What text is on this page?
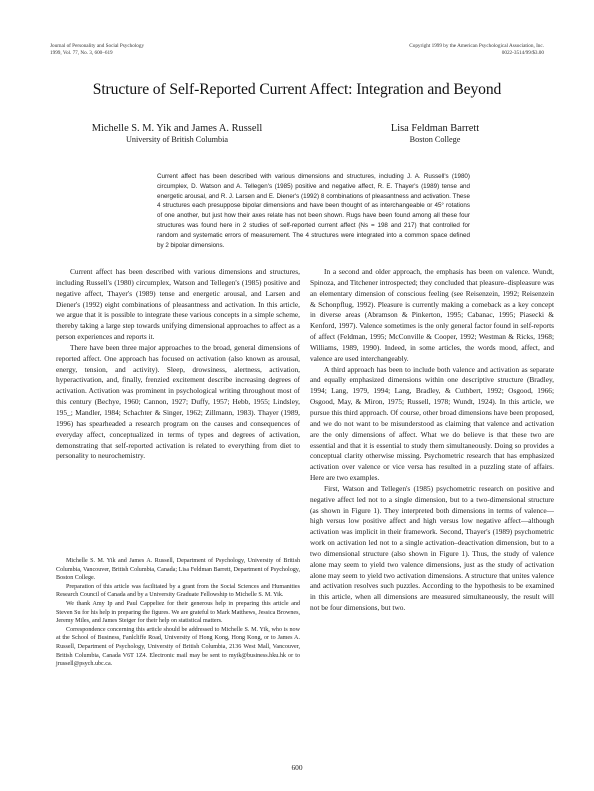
Journal of Personality and Social Psychology
1999, Vol. 77, No. 3, 600–619
Copyright 1999 by the American Psychological Association, Inc.
0022-3514/99/$3.00
Structure of Self-Reported Current Affect: Integration and Beyond
Michelle S. M. Yik and James A. Russell
University of British Columbia
Lisa Feldman Barrett
Boston College
Current affect has been described with various dimensions and structures, including J. A. Russell's (1980) circumplex, D. Watson and A. Tellegen's (1985) positive and negative affect, R. E. Thayer's (1989) tense and energetic arousal, and R. J. Larsen and E. Diener's (1992) 8 combinations of pleasantness and activation. These 4 structures each presuppose bipolar dimensions and have been thought of as interchangeable or 45° rotations of one another, but just how their axes relate has not been shown. Rugs have been found among all these four structures was found here in 2 studies of self-reported current affect (Ns = 198 and 217) that controlled for random and systematic errors of measurement. The 4 structures were integrated into a common space defined by 2 bipolar dimensions.

Current affect has been described with various dimensions and structures, including Russell's (1980) circumplex, Watson and Tellegen's (1985) positive and negative affect, Thayer's (1989) tense and energetic arousal, and Larsen and Diener's (1992) eight combinations of pleasantness and activation. In this article, we argue that it is possible to integrate these various concepts in a simple scheme, thereby taking a large step towards unifying dimensional approaches to affect as a person experiences and reports it.

There have been three major approaches to the broad, general dimensions of reported affect. One approach has focused on activation (also known as arousal, energy, tension, and activity). Sleep, drowsiness, alertness, activation, hyperactivation, and, finally, frenzied excitement describe increasing degrees of activation. Activation was prominent in psychological writing throughout most of this century (Bechye, 1960; Cannon, 1927; Duffy, 1957; Hebb, 1955; Lindsley, 195_; Mandler, 1984; Schachter & Singer, 1962; Zillmann, 1983). Thayer (1989, 1996) has spearheaded a research program on the causes and consequences of everyday affect, conceptualized in terms of types and degrees of activation, demonstrating that self-reported activation is related to everything from diet to personality to neurochemistry.

Michelle S. M. Yik and James A. Russell, Department of Psychology, University of British Columbia, Vancouver, British Columbia, Canada; Lisa Feldman Barrett, Department of Psychology, Boston College.

Preparation of this article was facilitated by a grant from the Social Sciences and Humanities Research Council of Canada and by a University Graduate Fellowship to Michelle S. M. Yik.

We thank Amy Ip and Paul Cappeliez for their generous help in preparing this article and Steven Su for his help in preparing the figures. We are grateful to Mark Matthews, Jessica Brownes, Jeremy Miles, and James Steiger for their help on statistical matters.

Correspondence concerning this article should be addressed to Michelle S. M. Yik, who is now at the School of Business, Fanlcliffe Road, University of Hong Kong, Hong Kong, or to James A. Russell, Department of Psychology, University of British Columbia, 2136 West Mall, Vancouver, British Columbia, Canada V6T 1Z4. Electronic mail may be sent to myik@business.hku.hk or to jrussell@psych.ubc.ca.

In a second and older approach, the emphasis has been on valence. Wundt, Spinoza, and Titchener introspected; they concluded that pleasure–displeasure was an elementary dimension of conscious feeling (see Reisenzein, 1992; Reisenzein & Schonpflug, 1992). Pleasure is currently making a comeback as a key concept in diverse areas (Abramson & Pinkerton, 1995; Cabanac, 1995; Piasecki & Kenford, 1997). Valence sometimes is the only general factor found in self-reports of affect (Feldman, 1995; McConville & Cooper, 1992; Westman & Ricks, 1968; Williams, 1989, 1990). Indeed, in some articles, the words mood, affect, and valence are used interchangeably.

A third approach has been to include both valence and activation as separate and equally emphasized dimensions within one descriptive structure (Bradley, 1994; Lang, 1979, 1994; Lang, Bradley, & Cuthbert, 1992; Osgood, 1966; Osgood, May, & Miron, 1975; Russell, 1978; Wundt, 1924). In this article, we pursue this third approach. Of course, other broad dimensions have been proposed, and we do not want to be misunderstood as claiming that valence and activation are the only dimensions of affect. What we do believe is that these two are essential and that it is essential to study them simultaneously. Doing so provides a conceptual clarity otherwise missing. Psychometric research that has emphasized activation over valence or vice versa has resulted in a puzzling state of affairs. Here are two examples.

First, Watson and Tellegen's (1985) psychometric research on positive and negative affect led not to a single dimension, but to a two-dimensional structure (as shown in Figure 1). They interpreted both dimensions in terms of valence—high versus low positive affect and high versus low negative affect—although activation was implicit in their framework. Second, Thayer's (1989) psychometric work on activation led not to a single activation–deactivation dimension, but to a two dimensional structure (also shown in Figure 1). Thus, the study of valence alone may seem to yield two valence dimensions, just as the study of activation alone may seem to yield two activation dimensions. A structure that unites valence and activation resolves such puzzles. According to the hypothesis to be examined in this article, when all dimensions are measured simultaneously, the result will not be four dimensions, but two.

600
